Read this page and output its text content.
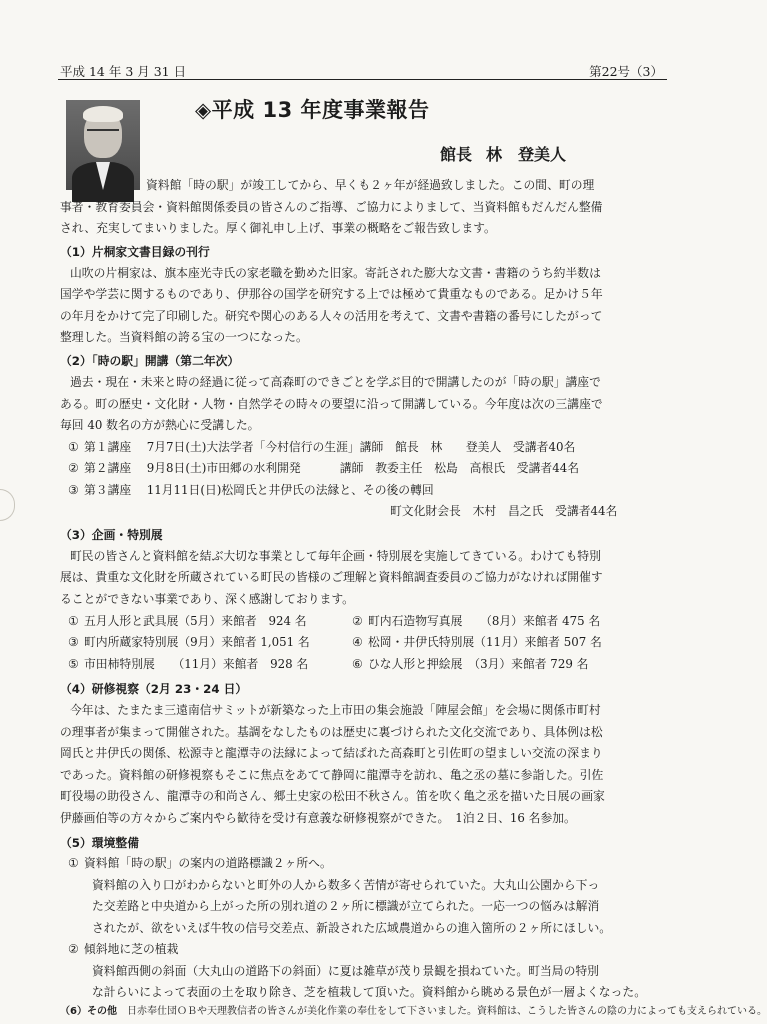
平成 14 年 3 月 31 日	第22号（3）
◈平成 13 年度事業報告
館長 林　登美人
資料館「時の駅」が竣工してから、早くも２ヶ年が経過致しました。この間、町の理
事者・教育委員会・資料館関係委員の皆さんのご指導、ご協力によりまして、当資料館もだんだん整備
され、充実してまいりました。厚く御礼申し上げ、事業の概略をご報告致します。
（1）片桐家文書目録の刊行
山吹の片桐家は、旗本座光寺氏の家老職を勤めた旧家。寄託された膨大な文書・書籍のうち約半数は
国学や学芸に関するものであり、伊那谷の国学を研究する上では極めて貴重なものである。足かけ５年
の年月をかけて完了印刷した。研究や関心のある人々の活用を考えて、文書や書籍の番号にしたがって
整理した。当資料館の誇る宝の一つになった。
（2）「時の駅」開講（第二年次）
過去・現在・未来と時の経過に従って高森町のできごとを学ぶ目的で開講したのが「時の駅」講座で
ある。町の歴史・文化財・人物・自然学その時々の要望に沿って開講している。今年度は次の三講座で
毎回 40 数名の方が熱心に受講した。
① 第１講座　 7月7日(土)大法学者「今村信行の生涯」講師　館長　林　　登美人　受講者40名
② 第２講座　 9月8日(土)市田郷の水利開発　　　 講師　教委主任　松島　高根氏　受講者44名
③ 第３講座　 11月11日(日)松岡氏と井伊氏の法縁と、その後の轉回
町文化財会長　木村　昌之氏　受講者44名
（3）企画・特別展
町民の皆さんと資料館を結ぶ大切な事業として毎年企画・特別展を実施してきている。わけても特別
展は、貴重な文化財を所蔵されている町民の皆様のご理解と資料館調査委員のご協力がなければ開催す
ることができない事業であり、深く感謝しております。
① 五月人形と武具展（5月）来館者　924 名	② 町内石造物写真展　　（8月）来館者 475 名
③ 町内所蔵家特別展（9月）来館者 1,051 名	④ 松岡・井伊氏特別展（11月）来館者 507 名
⑤ 市田柿特別展　　（11月）来館者　928 名	⑥ ひな人形と押絵展　（3月）来館者 729 名
（4）研修視察（2月 23・24 日）
今年は、たまたま三遠南信サミットが新築なった上市田の集会施設「陣屋会館」を会場に関係市町村
の理事者が集まって開催された。基調をなしたものは歴史に裏づけられた文化交流であり、具体例は松
岡氏と井伊氏の関係、松源寺と龍潭寺の法縁によって結ばれた高森町と引佐町の望ましい交流の深まり
であった。資料館の研修視察もそこに焦点をあてて静岡に龍潭寺を訪れ、亀之丞の墓に参詣した。引佐
町役場の助役さん、龍潭寺の和尚さん、郷土史家の松田不秋さん。笛を吹く亀之丞を描いた日展の画家
伊藤画伯等の方々からご案内やら歓待を受け有意義な研修視察ができた。　1泊２日、16 名参加。
（5）環境整備
① 資料館「時の駅」の案内の道路標識２ヶ所へ。
資料館の入り口がわからないと町外の人から数多く苦情が寄せられていた。大丸山公園から下っ
た交差路と中央道から上がった所の別れ道の２ヶ所に標識が立てられた。一応一つの悩みは解消
されたが、欲をいえば牛牧の信号交差点、新設された広域農道からの進入箇所の２ヶ所にほしい。
② 傾斜地に芝の植栽
資料館西側の斜面（大丸山の道路下の斜面）に夏は雑草が茂り景観を損ねていた。町当局の特別
な計らいによって表面の土を取り除き、芝を植栽して頂いた。資料館から眺める景色が一層よくなった。
（6）その他　 日赤奉仕団ＯＢや天理教信者の皆さんが美化作業の奉仕をして下さいました。資料館は、こうした皆さんの陰の力によっても支えられている。
